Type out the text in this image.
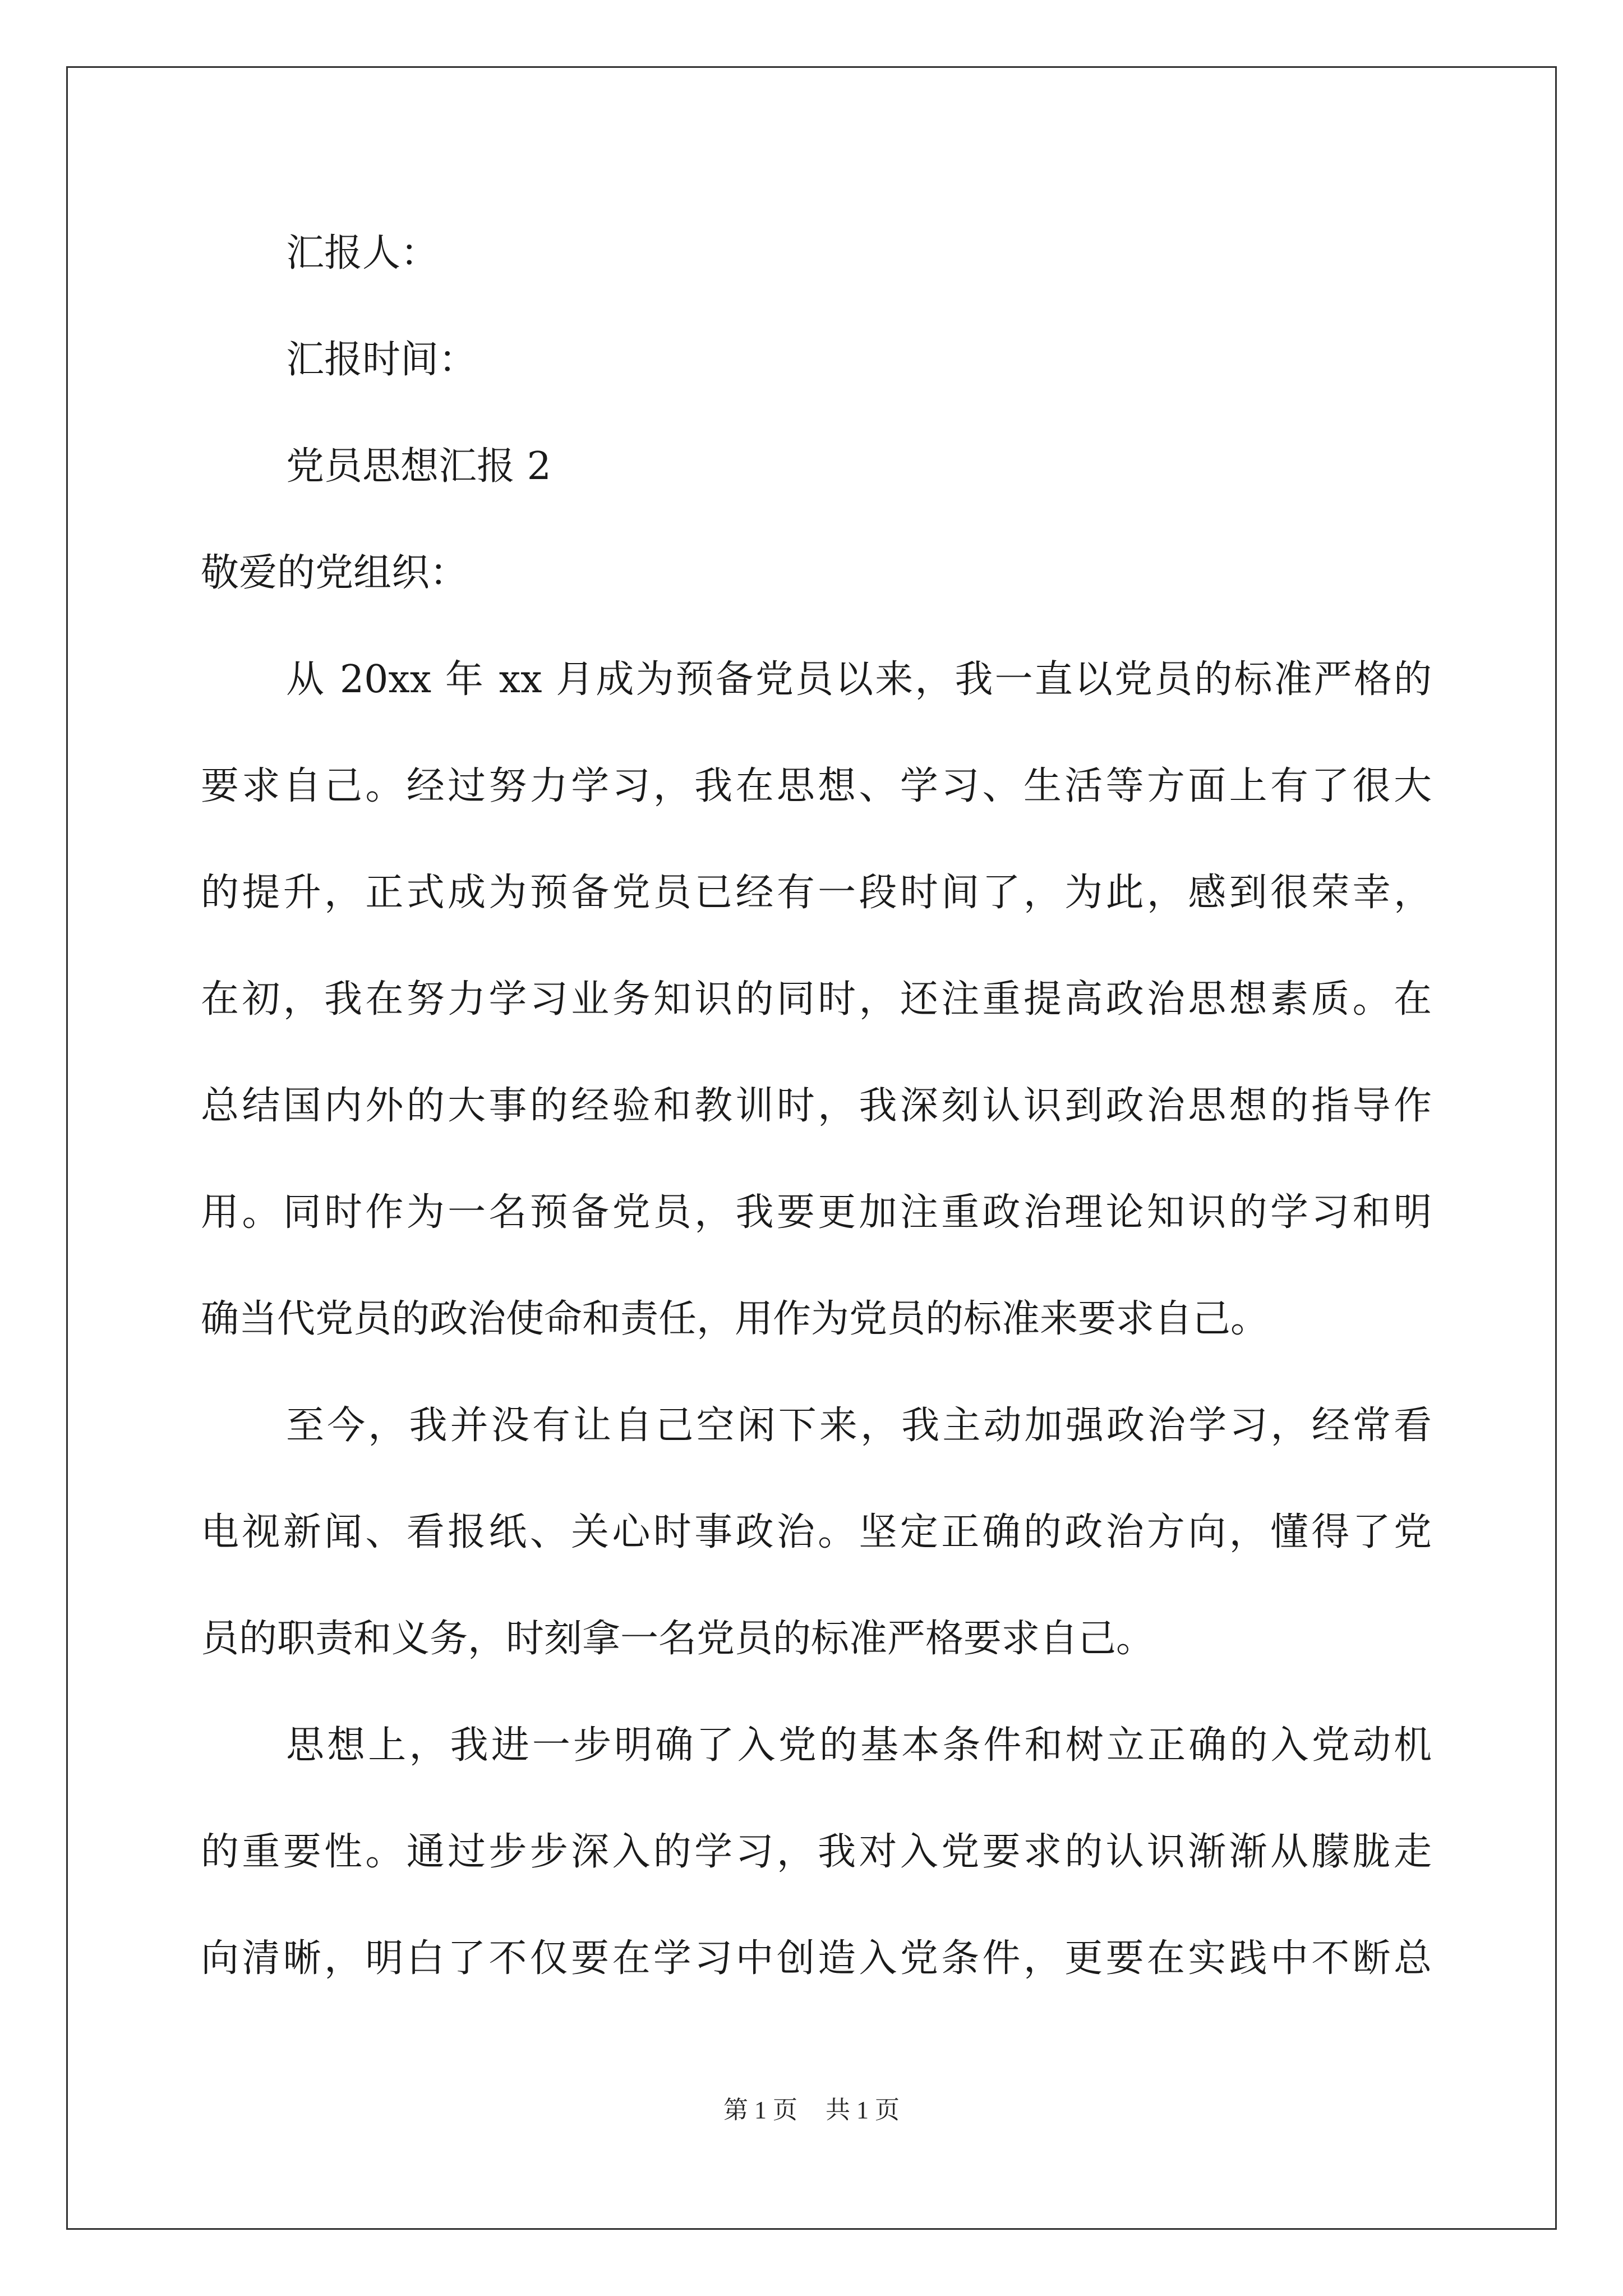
汇报人：
汇报时间：
党员思想汇报 2
敬爱的党组织：
从 20xx 年 xx 月成为预备党员以来，我一直以党员的标准严格的
要求自己。经过努力学习，我在思想、学习、生活等方面上有了很大
的提升，正式成为预备党员已经有一段时间了，为此，感到很荣幸，
在初，我在努力学习业务知识的同时，还注重提高政治思想素质。在
总结国内外的大事的经验和教训时，我深刻认识到政治思想的指导作
用。同时作为一名预备党员，我要更加注重政治理论知识的学习和明
确当代党员的政治使命和责任，用作为党员的标准来要求自己。
至今，我并没有让自己空闲下来，我主动加强政治学习，经常看
电视新闻、看报纸、关心时事政治。坚定正确的政治方向，懂得了党
员的职责和义务，时刻拿一名党员的标准严格要求自己。
思想上，我进一步明确了入党的基本条件和树立正确的入党动机
的重要性。通过步步深入的学习，我对入党要求的认识渐渐从朦胧走
向清晰，明白了不仅要在学习中创造入党条件，更要在实践中不断总
第 1 页 共 1 页
